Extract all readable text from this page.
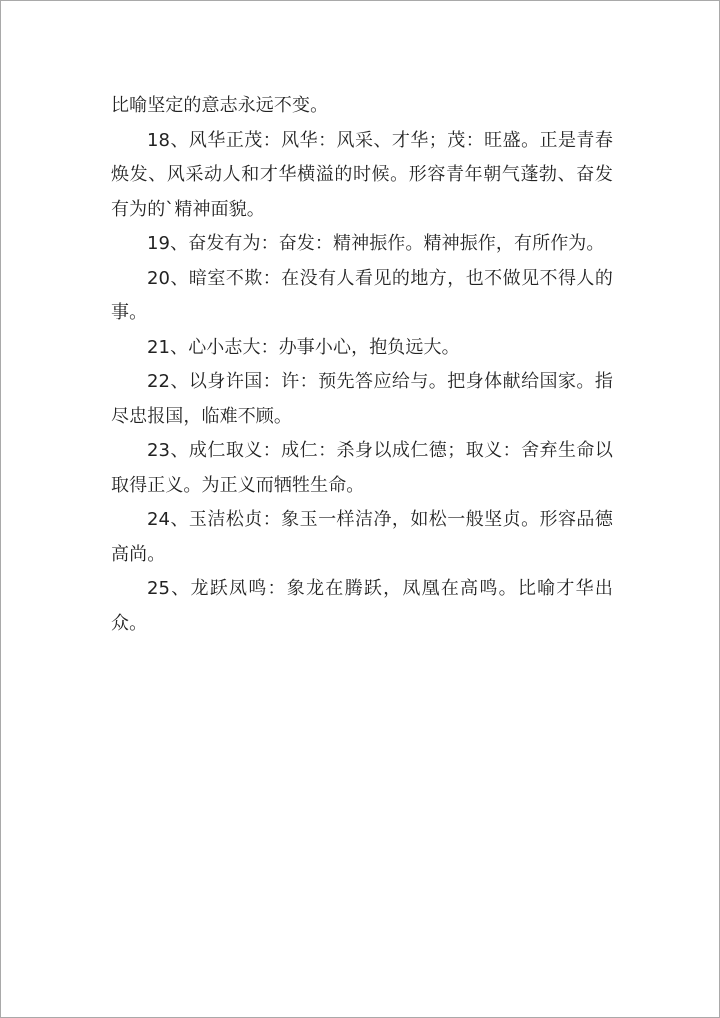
比喻坚定的意志永远不变。

18、风华正茂：风华：风采、才华；茂：旺盛。正是青春焕发、风采动人和才华横溢的时候。形容青年朝气蓬勃、奋发有为的`精神面貌。

19、奋发有为：奋发：精神振作。精神振作，有所作为。

20、暗室不欺：在没有人看见的地方，也不做见不得人的事。

21、心小志大：办事小心，抱负远大。

22、以身许国：许：预先答应给与。把身体献给国家。指尽忠报国，临难不顾。

23、成仁取义：成仁：杀身以成仁德；取义：舍弃生命以取得正义。为正义而牺牲生命。

24、玉洁松贞：象玉一样洁净，如松一般坚贞。形容品德高尚。

25、龙跃凤鸣：象龙在腾跃，凤凰在高鸣。比喻才华出众。
